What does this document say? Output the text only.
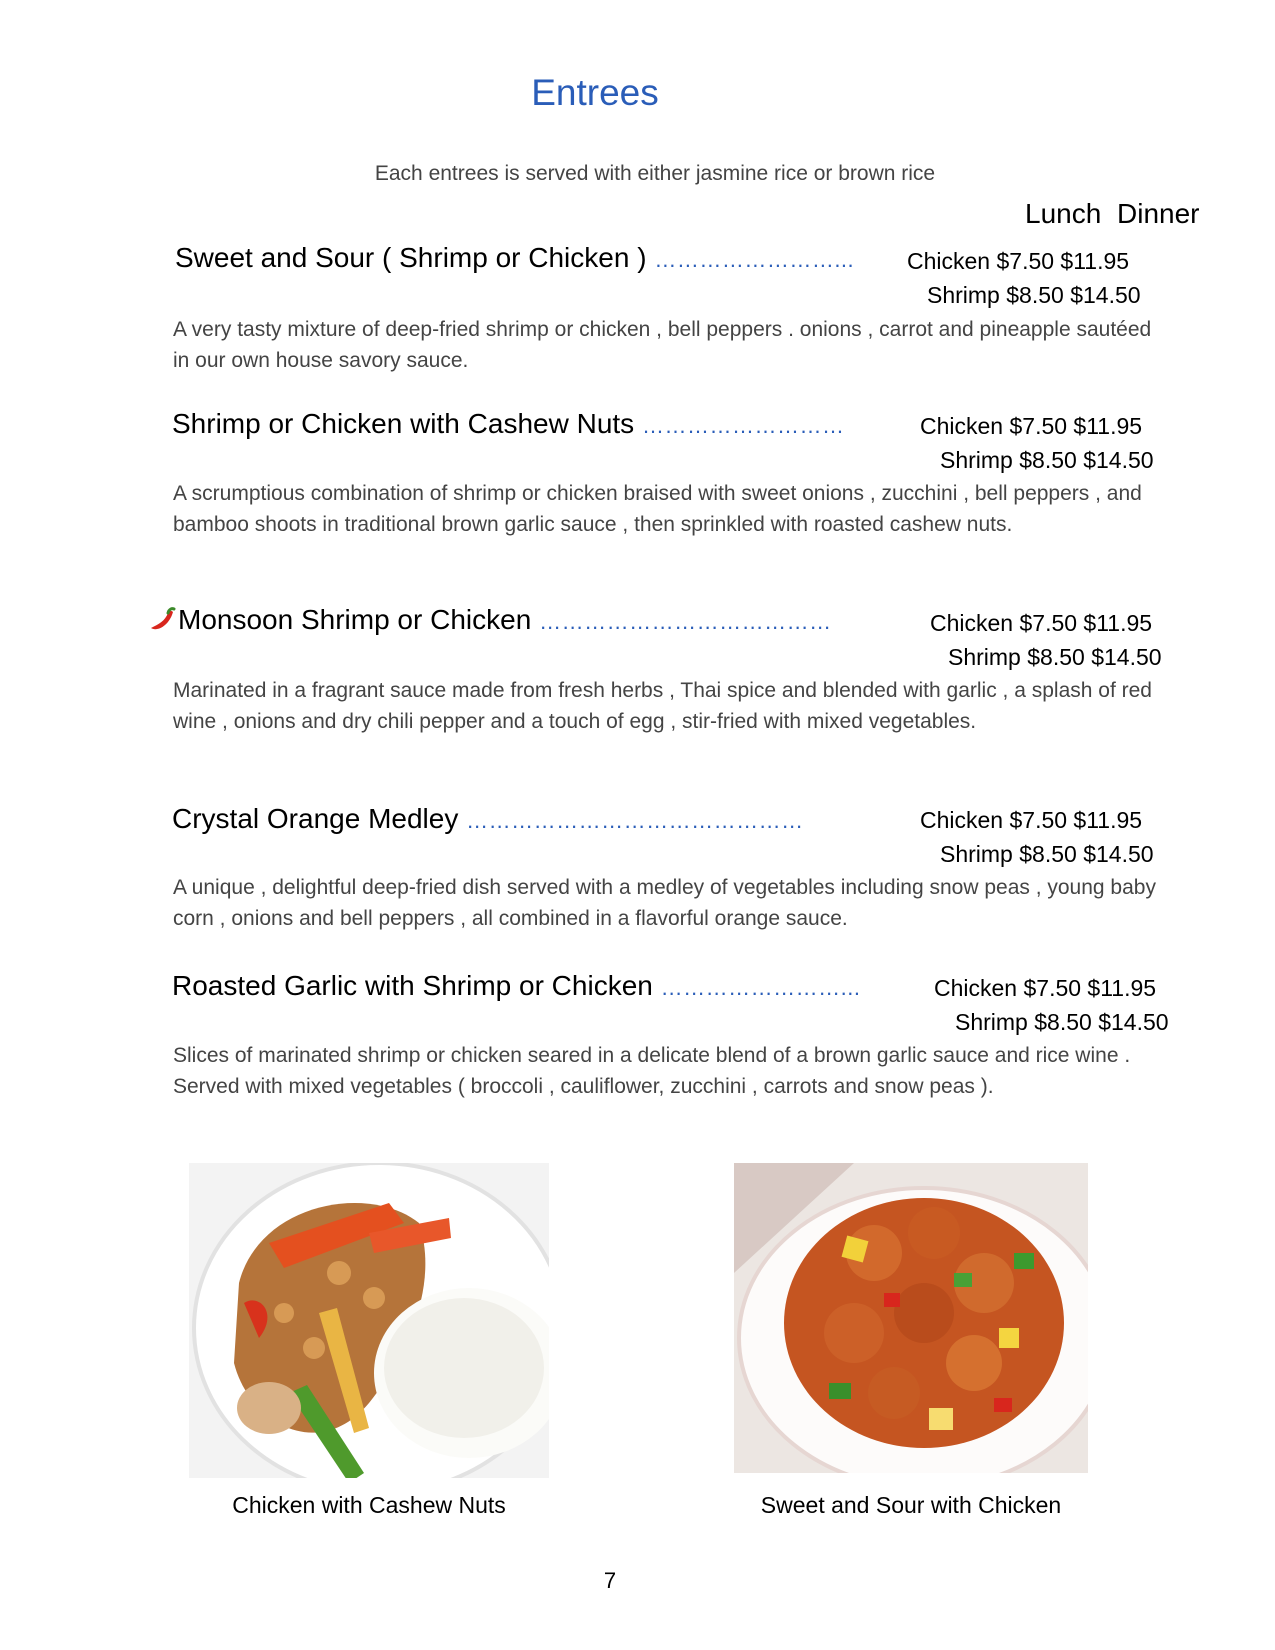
Entrees
Each entrees is served with either jasmine rice or brown rice
Lunch Dinner
Sweet and Sour ( Shrimp or Chicken ) ……………………... Chicken $7.50 $11.95
Shrimp $8.50 $14.50
A very tasty mixture of deep-fried shrimp or chicken , bell peppers . onions , carrot and pineapple sautéed in our own house savory sauce.
Shrimp or Chicken with Cashew Nuts ………………………	Chicken $7.50 $11.95
Shrimp $8.50 $14.50
A scrumptious combination of shrimp or chicken braised with sweet onions , zucchini , bell peppers , and bamboo shoots in traditional brown garlic sauce , then sprinkled with roasted cashew nuts.
Monsoon Shrimp or Chicken …………………………………	Chicken $7.50 $11.95
Shrimp $8.50 $14.50
Marinated in a fragrant sauce made from fresh herbs , Thai spice and blended with garlic , a splash of red wine , onions and dry chili pepper and a touch of egg , stir-fried with mixed vegetables.
Crystal Orange Medley ………………………………………	Chicken $7.50 $11.95
Shrimp $8.50 $14.50
A unique , delightful deep-fried dish served with a medley of vegetables including snow peas , young baby corn , onions and bell peppers , all combined in a flavorful orange sauce.
Roasted Garlic with Shrimp or Chicken ……………………...	Chicken $7.50 $11.95
Shrimp $8.50 $14.50
Slices of marinated shrimp or chicken seared in a delicate blend of a brown garlic sauce and rice wine . Served with mixed vegetables ( broccoli , cauliflower, zucchini , carrots and snow peas ).
Chicken with Cashew Nuts	Sweet and Sour with Chicken
7
